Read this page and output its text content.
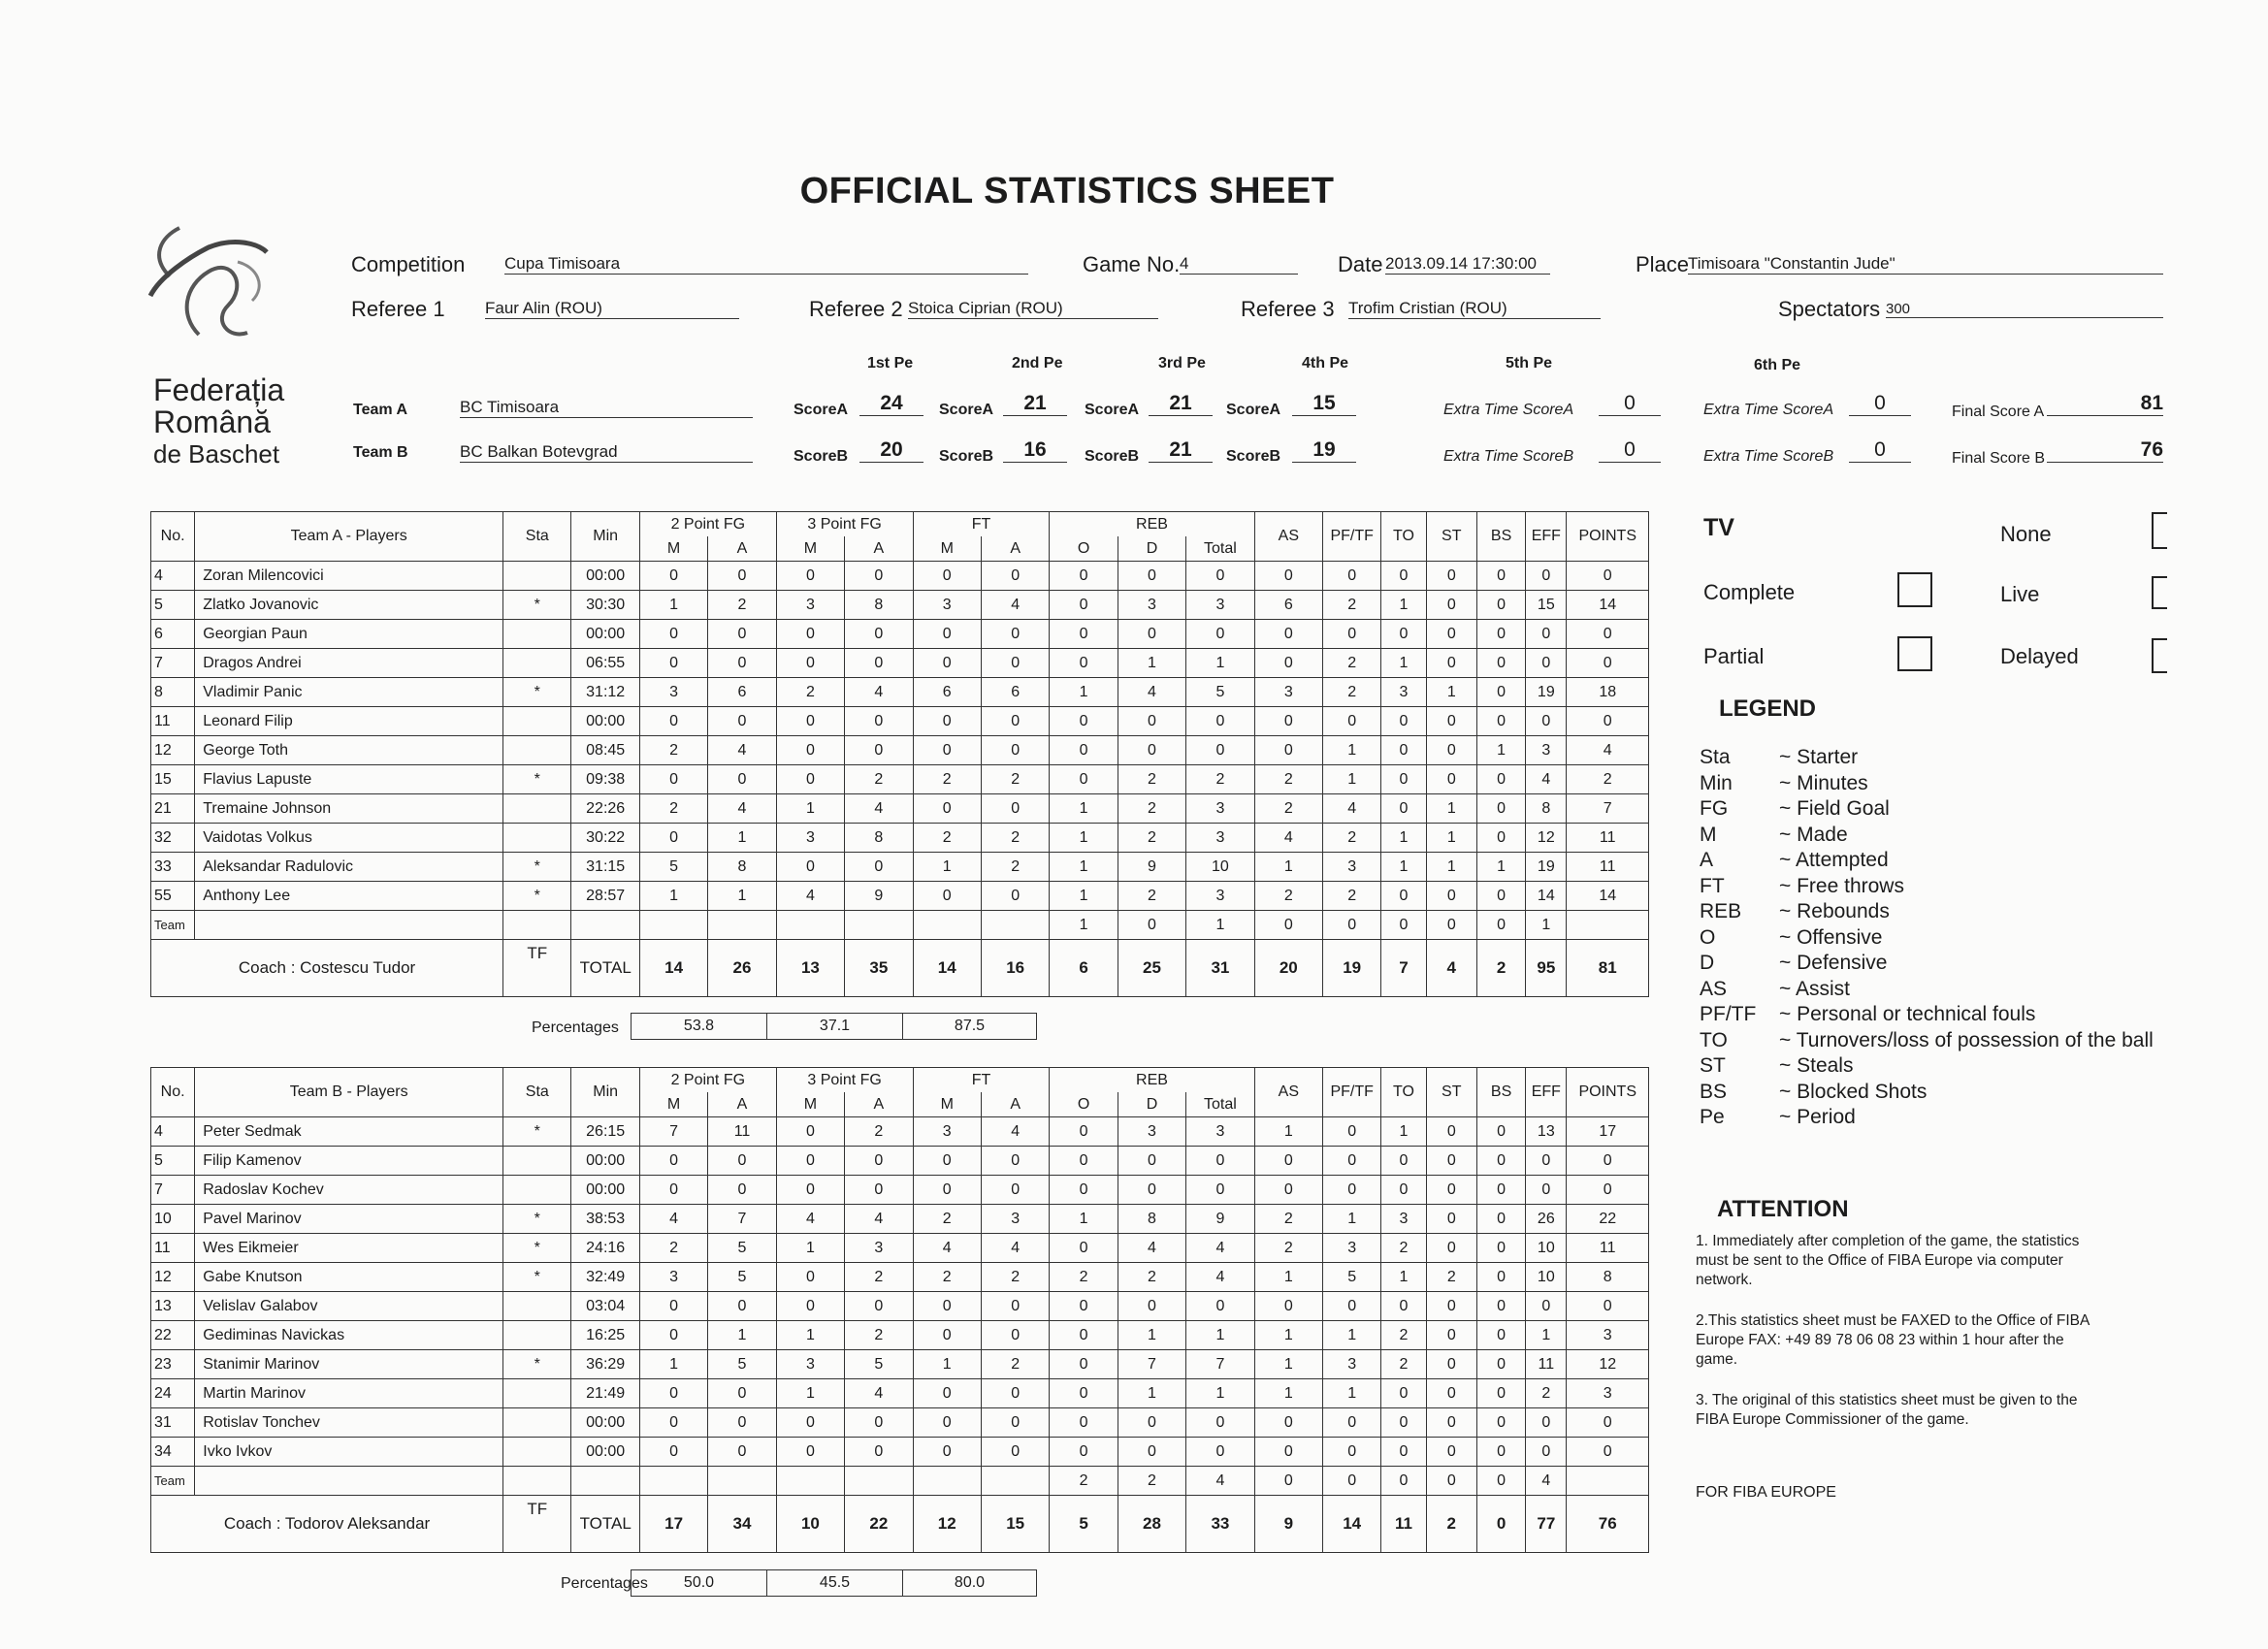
OFFICIAL STATISTICS SHEET
Federația
Română
de Baschet
Competition Cupa Timisoara	Game No. 4	Date 2013.09.14 17:30:00	Place
Timisoara "Constantin Jude"
Referee 1 Faur Alin (ROU)	Referee 2 Stoica Ciprian (ROU)	Referee 3 Trofim Cristian (ROU)	Spectators 300
1st Pe	2nd Pe	3rd Pe	4th Pe	5th Pe	6th Pe
Team A	BC Timisoara	ScoreA	24	ScoreA	21	ScoreA	21	ScoreA	15	Extra Time ScoreA	0	Extra Time ScoreA	0	Final Score A	81
Team B	BC Balkan Botevgrad	ScoreB	20	ScoreB	16	ScoreB	21	ScoreB	19	Extra Time ScoreB	0	Extra Time ScoreB	0	Final Score B	76
No.	Team A - Players	Sta	Min	2 Point FG		3 Point FG		FT		REB			AS	PF/TF	TO	ST	BS	EFF	POINTS
				M	A	M	A	M	A	O	D	Total							
4	Zoran Milencovici		00:00	0	0	0	0	0	0	0	0	0	0	0	0	0	0	0	0
5	Zlatko Jovanovic	*	30:30	1	2	3	8	3	4	0	3	3	6	2	1	0	0	15	14
6	Georgian Paun		00:00	0	0	0	0	0	0	0	0	0	0	0	0	0	0	0	0
7	Dragos Andrei		06:55	0	0	0	0	0	0	0	1	1	0	2	1	0	0	0	0
8	Vladimir Panic	*	31:12	3	6	2	4	6	6	1	4	5	3	2	3	1	0	19	18
11	Leonard Filip		00:00	0	0	0	0	0	0	0	0	0	0	0	0	0	0	0	0
12	George Toth		08:45	2	4	0	0	0	0	0	0	0	0	1	0	0	1	3	4
15	Flavius Lapuste	*	09:38	0	0	0	2	2	2	0	2	2	2	1	0	0	0	4	2
21	Tremaine Johnson		22:26	2	4	1	4	0	0	1	2	3	2	4	0	1	0	8	7
32	Vaidotas Volkus		30:22	0	1	3	8	2	2	1	2	3	4	2	1	1	0	12	11
33	Aleksandar Radulovic	*	31:15	5	8	0	0	1	2	1	9	10	1	3	1	1	1	19	11
55	Anthony Lee	*	28:57	1	1	4	9	0	0	1	2	3	2	2	0	0	0	14	14
Team										1	0	1	0	0	0	0	0	1	
Coach : Costescu Tudor		TF	TOTAL	14	26	13	35	14	16	6	25	31	20	19	7	4	2	95	81
Percentages	53.8	37.1	87.5
No.	Team B - Players	Sta	Min	2 Point FG		3 Point FG		FT		REB			AS	PF/TF	TO	ST	BS	EFF	POINTS
				M	A	M	A	M	A	O	D	Total							
4	Peter Sedmak	*	26:15	7	11	0	2	3	4	0	3	3	1	0	1	0	0	13	17
5	Filip Kamenov		00:00	0	0	0	0	0	0	0	0	0	0	0	0	0	0	0	0
7	Radoslav Kochev		00:00	0	0	0	0	0	0	0	0	0	0	0	0	0	0	0	0
10	Pavel Marinov	*	38:53	4	7	4	4	2	3	1	8	9	2	1	3	0	0	26	22
11	Wes Eikmeier	*	24:16	2	5	1	3	4	4	0	4	4	2	3	2	0	0	10	11
12	Gabe Knutson	*	32:49	3	5	0	2	2	2	2	2	4	1	5	1	2	0	10	8
13	Velislav Galabov		03:04	0	0	0	0	0	0	0	0	0	0	0	0	0	0	0	0
22	Gediminas Navickas		16:25	0	1	1	2	0	0	0	1	1	1	1	2	0	0	1	3
23	Stanimir Marinov	*	36:29	1	5	3	5	1	2	0	7	7	1	3	2	0	0	11	12
24	Martin Marinov		21:49	0	0	1	4	0	0	0	1	1	1	1	0	0	0	2	3
31	Rotislav Tonchev		00:00	0	0	0	0	0	0	0	0	0	0	0	0	0	0	0	0
34	Ivko Ivkov		00:00	0	0	0	0	0	0	0	0	0	0	0	0	0	0	0	0
Team										2	2	4	0	0	0	0	0	4	
Coach : Todorov Aleksandar		TF	TOTAL	17	34	10	22	12	15	5	28	33	9	14	11	2	0	77	76
Percentages 50.0	45.5	80.0
TV	None
Complete	Live
Partial	Delayed
LEGEND
Sta ~ Starter
Min ~ Minutes
FG	~ Field Goal
M	~ Made
A	~ Attempted
FT	~ Free throws
REB ~ Rebounds
O	~ Offensive
D	~ Defensive
AS	~ Assist
PF/TF ~ Personal or technical fouls
TO	~ Turnovers/loss of possession of the ball
ST	~ Steals
BS	~ Blocked Shots
Pe	~ Period
ATTENTION

1. Immediately after completion of the game, the statistics must be sent to the Office of FIBA Europe via computer network.

2.This statistics sheet must be FAXED to the Office of FIBA Europe FAX: +49 89 78 06 08 23 within 1 hour after the game.

3. The original of this statistics sheet must be given to the FIBA Europe Commissioner of the game.

FOR FIBA EUROPE
